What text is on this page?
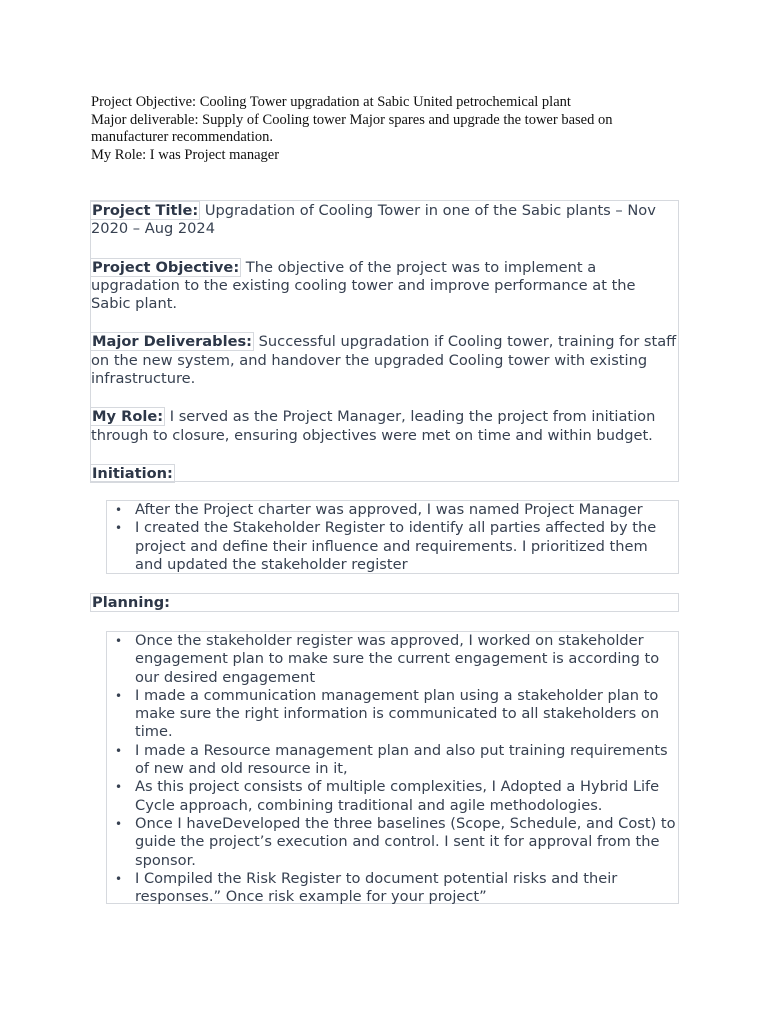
Project Objective: Cooling Tower upgradation at Sabic United petrochemical plant

Major deliverable: Supply of Cooling tower Major spares and upgrade the tower based on manufacturer recommendation.

My Role: I was Project manager

Project Title: Upgradation of Cooling Tower in one of the Sabic plants – Nov 2020 – Aug 2024

Project Objective: The objective of the project was to implement a upgradation to the existing cooling tower and improve performance at the Sabic plant.

Major Deliverables: Successful upgradation if Cooling tower, training for staff on the new system, and handover the upgraded Cooling tower with existing infrastructure.

My Role: I served as the Project Manager, leading the project from initiation through to closure, ensuring objectives were met on time and within budget.

Initiation:

• After the Project charter was approved, I was named Project Manager
• I created the Stakeholder Register to identify all parties affected by the project and define their influence and requirements. I prioritized them and updated the stakeholder register
Planning:
• Once the stakeholder register was approved, I worked on stakeholder engagement plan to make sure the current engagement is according to our desired engagement
• I made a communication management plan using a stakeholder plan to make sure the right information is communicated to all stakeholders on time.
• I made a Resource management plan and also put training requirements of new and old resource in it,
• As this project consists of multiple complexities, I Adopted a Hybrid Life Cycle approach, combining traditional and agile methodologies.
• Once I haveDeveloped the three baselines (Scope, Schedule, and Cost) to guide the project’s execution and control. I sent it for approval from the sponsor.
• I Compiled the Risk Register to document potential risks and their responses.” Once risk example for your project”
